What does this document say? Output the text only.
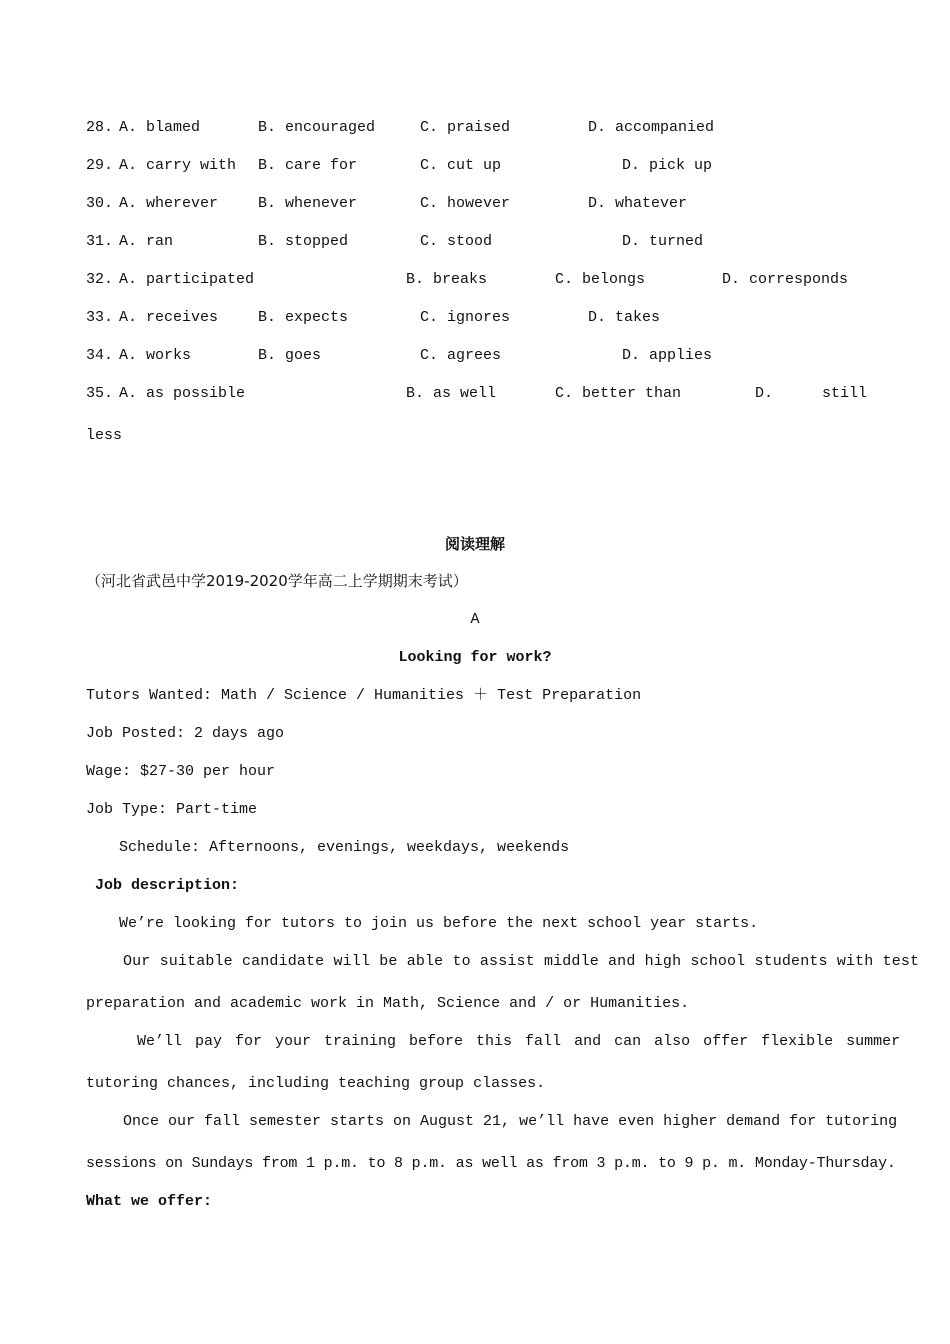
28. A. blamed	B. encouraged	C. praised	D. accompanied
29. A. carry with B. care for	C. cut up	D. pick up
30. A. wherever	B. whenever	C. however	D. whatever
31. A. ran	B. stopped	C. stood	D. turned
32. A. participated	B. breaks	C. belongs	D. corresponds
33. A. receives	B. expects	C. ignores	D. takes
34. A. works	B. goes	C. agrees	D. applies
35. A. as possible	B. as well	C. better than	D.	still
less
阅读理解
（河北省武邑中学2019-2020学年高二上学期期末考试）
A
Looking for work?
Tutors Wanted: Math / Science / Humanities ＋ Test Preparation
Job Posted: 2 days ago
Wage: $27-30 per hour
Job Type: Part-time
Schedule: Afternoons, evenings, weekdays, weekends
Job description:
We’re looking for tutors to join us before the next school year starts.
Our suitable candidate will be able to assist middle and high school students with test
preparation and academic work in Math, Science and / or Humanities.
We’ll pay for your training before this fall and can also offer flexible summer
tutoring chances, including teaching group classes.
Once our fall semester starts on August 21, we’ll have even higher demand for tutoring
sessions on Sundays from 1 p.m. to 8 p.m. as well as from 3 p.m. to 9 p. m. Monday-Thursday.
What we offer:
